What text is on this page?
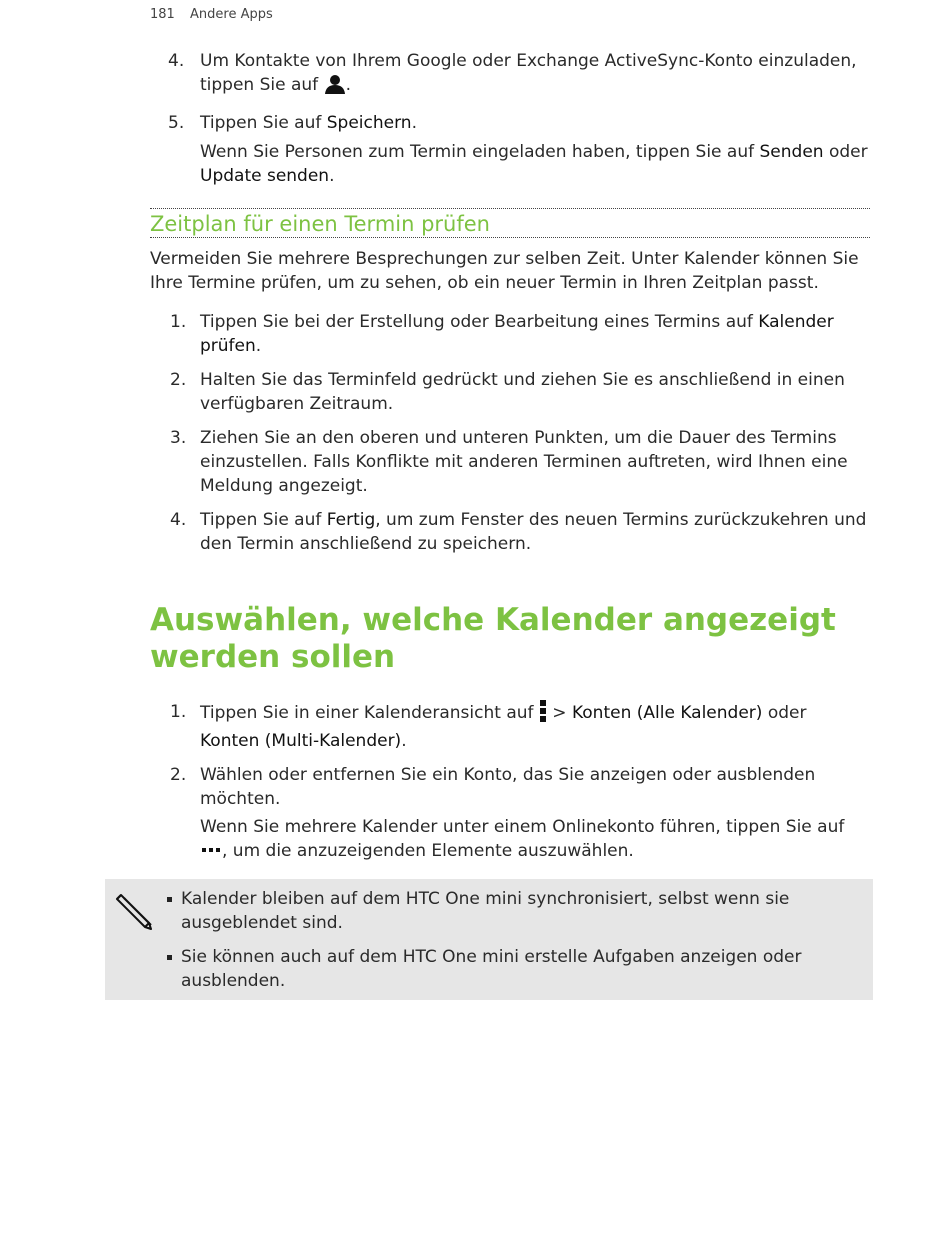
181 Andere Apps
4. Um Kontakte von Ihrem Google oder Exchange ActiveSync-Konto einzuladen, tippen Sie auf .
5. Tippen Sie auf Speichern.
Wenn Sie Personen zum Termin eingeladen haben, tippen Sie auf Senden oder Update senden.
Zeitplan für einen Termin prüfen
Vermeiden Sie mehrere Besprechungen zur selben Zeit. Unter Kalender können Sie Ihre Termine prüfen, um zu sehen, ob ein neuer Termin in Ihren Zeitplan passt.
1. Tippen Sie bei der Erstellung oder Bearbeitung eines Termins auf Kalender prüfen.
2. Halten Sie das Terminfeld gedrückt und ziehen Sie es anschließend in einen verfügbaren Zeitraum.
3. Ziehen Sie an den oberen und unteren Punkten, um die Dauer des Termins einzustellen. Falls Konflikte mit anderen Terminen auftreten, wird Ihnen eine Meldung angezeigt.
4. Tippen Sie auf Fertig, um zum Fenster des neuen Termins zurückzukehren und den Termin anschließend zu speichern.
Auswählen, welche Kalender angezeigt werden sollen
1. Tippen Sie in einer Kalenderansicht auf  > Konten (Alle Kalender) oder Konten (Multi-Kalender).
2. Wählen oder entfernen Sie ein Konto, das Sie anzeigen oder ausblenden möchten.
Wenn Sie mehrere Kalender unter einem Onlinekonto führen, tippen Sie auf , um die anzuzeigenden Elemente auszuwählen.
Kalender bleiben auf dem HTC One mini synchronisiert, selbst wenn sie ausgeblendet sind.
Sie können auch auf dem HTC One mini erstelle Aufgaben anzeigen oder ausblenden.
